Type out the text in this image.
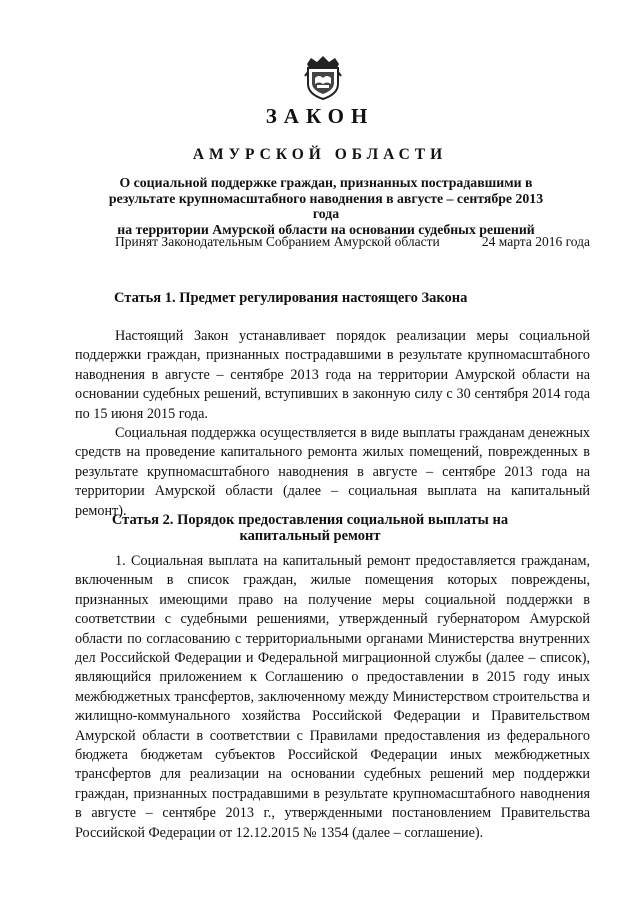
ЗАКОН
АМУРСКОЙ ОБЛАСТИ
О социальной поддержке граждан, признанных пострадавшими в
результате крупномасштабного наводнения в августе – сентябре 2013 года
на территории Амурской области на основании судебных решений
Принят Законодательным Собранием Амурской области	24 марта 2016 года
Статья 1. Предмет регулирования настоящего Закона

Настоящий Закон устанавливает порядок реализации меры социальной поддержки граждан, признанных пострадавшими в результате крупномасштабного наводнения в августе – сентябре 2013 года на территории Амурской области на основании судебных решений, вступивших в законную силу с 30 сентября 2014 года по 15 июня 2015 года.

Социальная поддержка осуществляется в виде выплаты гражданам денежных средств на проведение капитального ремонта жилых помещений, поврежденных в результате крупномасштабного наводнения в августе – сентябре 2013 года на территории Амурской области (далее – социальная выплата на капитальный ремонт).

Статья 2. Порядок предоставления социальной выплаты на
капитальный ремонт

1. Социальная выплата на капитальный ремонт предоставляется гражданам, включенным в список граждан, жилые помещения которых повреждены, признанных имеющими право на получение меры социальной поддержки в соответствии с судебными решениями, утвержденный губернатором Амурской области по согласованию с территориальными органами Министерства внутренних дел Российской Федерации и Федеральной миграционной службы (далее – список), являющийся приложением к Соглашению о предоставлении в 2015 году иных межбюджетных трансфертов, заключенному между Министерством строительства и жилищно-коммунального хозяйства Российской Федерации и Правительством Амурской области в соответствии с Правилами предоставления из федерального бюджета бюджетам субъектов Российской Федерации иных межбюджетных трансфертов для реализации на основании судебных решений мер поддержки граждан, признанных пострадавшими в результате крупномасштабного наводнения в августе – сентябре 2013 г., утвержденными постановлением Правительства Российской Федерации от 12.12.2015 № 1354 (далее – соглашение).
